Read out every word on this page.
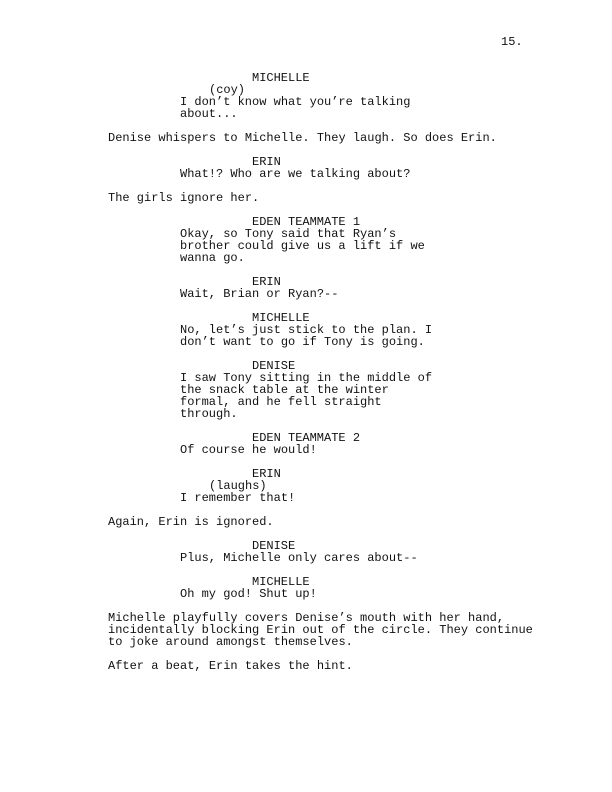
15.
MICHELLE
(coy)
I don’t know what you’re talking
about...
Denise whispers to Michelle. They laugh. So does Erin.
ERIN
What!? Who are we talking about?
The girls ignore her.
EDEN TEAMMATE 1
Okay, so Tony said that Ryan’s
brother could give us a lift if we
wanna go.
ERIN
Wait, Brian or Ryan?--
MICHELLE
No, let’s just stick to the plan. I
don’t want to go if Tony is going.
DENISE
I saw Tony sitting in the middle of
the snack table at the winter
formal, and he fell straight
through.
EDEN TEAMMATE 2
Of course he would!
ERIN
(laughs)
I remember that!
Again, Erin is ignored.
DENISE
Plus, Michelle only cares about--
MICHELLE
Oh my god! Shut up!
Michelle playfully covers Denise’s mouth with her hand,
incidentally blocking Erin out of the circle. They continue
to joke around amongst themselves.
After a beat, Erin takes the hint.
